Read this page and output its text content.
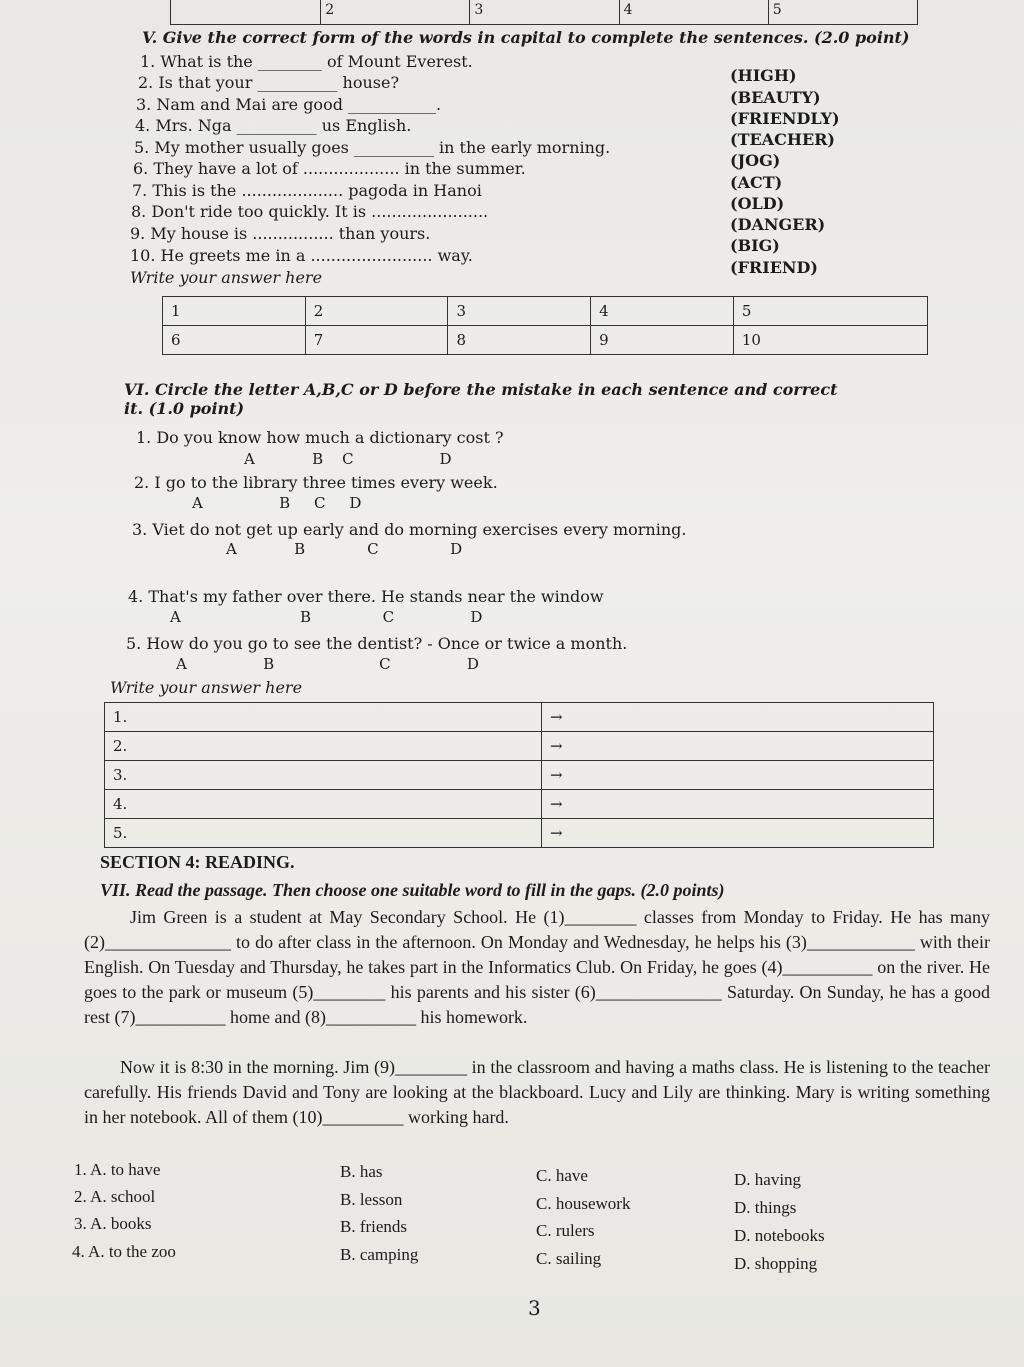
2	3	4	5
V. Give the correct form of the words in capital to complete the sentences. (2.0 point)
1. What is the ________ of Mount Everest.
(HIGH)
2. Is that your __________ house?
(BEAUTY)
3. Nam and Mai are good ___________.
(FRIENDLY)
4. Mrs. Nga __________ us English.
(TEACHER)
5. My mother usually goes __________ in the early morning.
(JOG)
6. They have a lot of ................... in the summer.
(ACT)
7. This is the .................... pagoda in Hanoi
(OLD)
8. Don't ride too quickly. It is .......................
(DANGER)
9. My house is ................ than yours.
(BIG)
10. He greets me in a ........................ way.
(FRIEND)
Write your answer here
1	2	3	4	5
6	7	8	9	10
VI. Circle the letter A,B,C or D before the mistake in each sentence and correct it. (1.0 point)
1. Do you know how much a dictionary cost ?
A	B C	D
2. I go to the library three times every week.
A	B C D
3. Viet do not get up early and do morning exercises every morning.
A	B	C	D
4. That's my father over there. He stands near the window
A	B	C	D
5. How do you go to see the dentist? - Once or twice a month.
A	B	C	D
Write your answer here
1.	→
2.	→
3.	→
4.	→
5.	→
SECTION 4: READING.
VII. Read the passage. Then choose one suitable word to fill in the gaps. (2.0 points)
Jim Green is a student at May Secondary School. He (1)________ classes from Monday to Friday. He has many (2)______________ to do after class in the afternoon. On Monday and Wednesday, he helps his (3)____________ with their English. On Tuesday and Thursday, he takes part in the Informatics Club. On Friday, he goes (4)__________ on the river. He goes to the park or museum (5)________ his parents and his sister (6)______________ Saturday. On Sunday, he has a good rest (7)__________ home and (8)__________ his homework.
Now it is 8:30 in the morning. Jim (9)________ in the classroom and having a maths class. He is listening to the teacher carefully. His friends David and Tony are looking at the blackboard. Lucy and Lily are thinking. Mary is writing something in her notebook. All of them (10)_________ working hard.
1. A. to have	B. has	C. have	D. having
2. A. school	B. lesson	C. housework	D. things
3. A. books	B. friends	C. rulers	D. notebooks
4. A. to the zoo	B. camping	C. sailing	D. shopping
3
